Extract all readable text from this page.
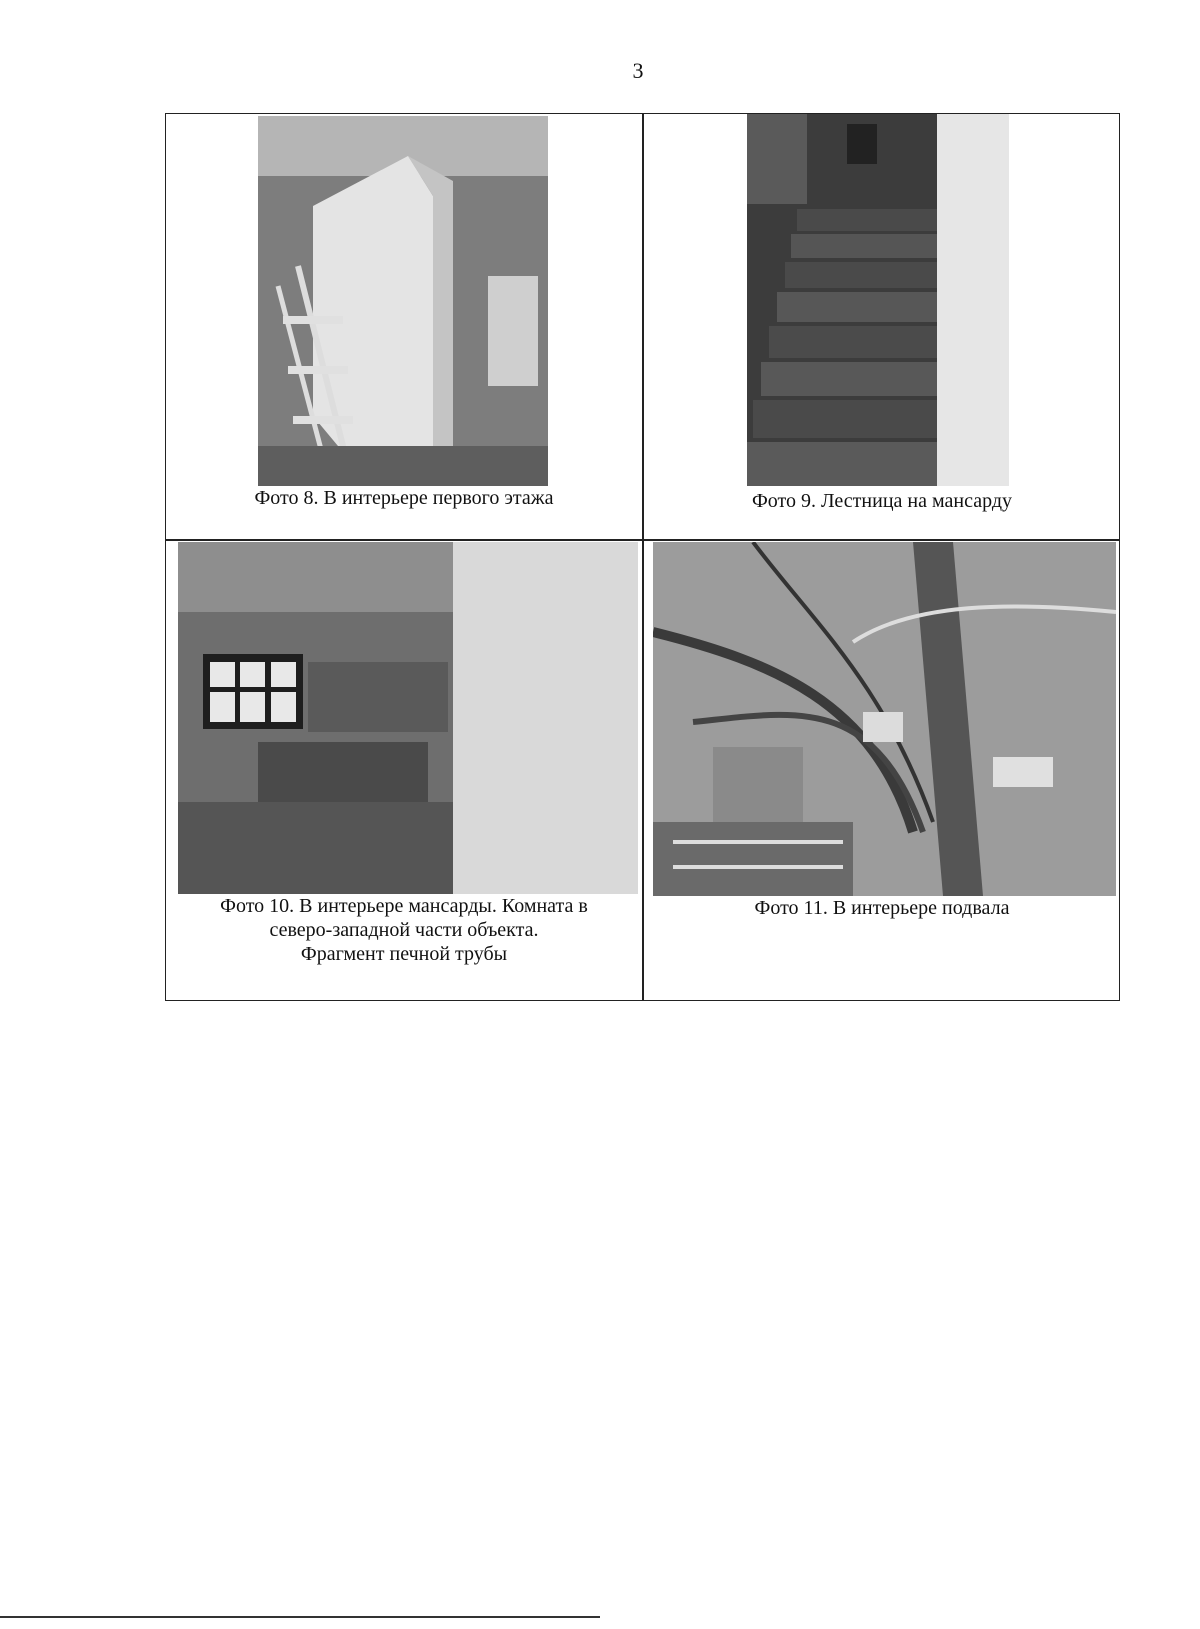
3
Фото 8. В интерьере первого этажа	Фото 9. Лестница на мансарду
Фото 10. В интерьере мансарды. Комната в
северо-западной части объекта.
Фрагмент печной трубы
Фото 11. В интерьере подвала
